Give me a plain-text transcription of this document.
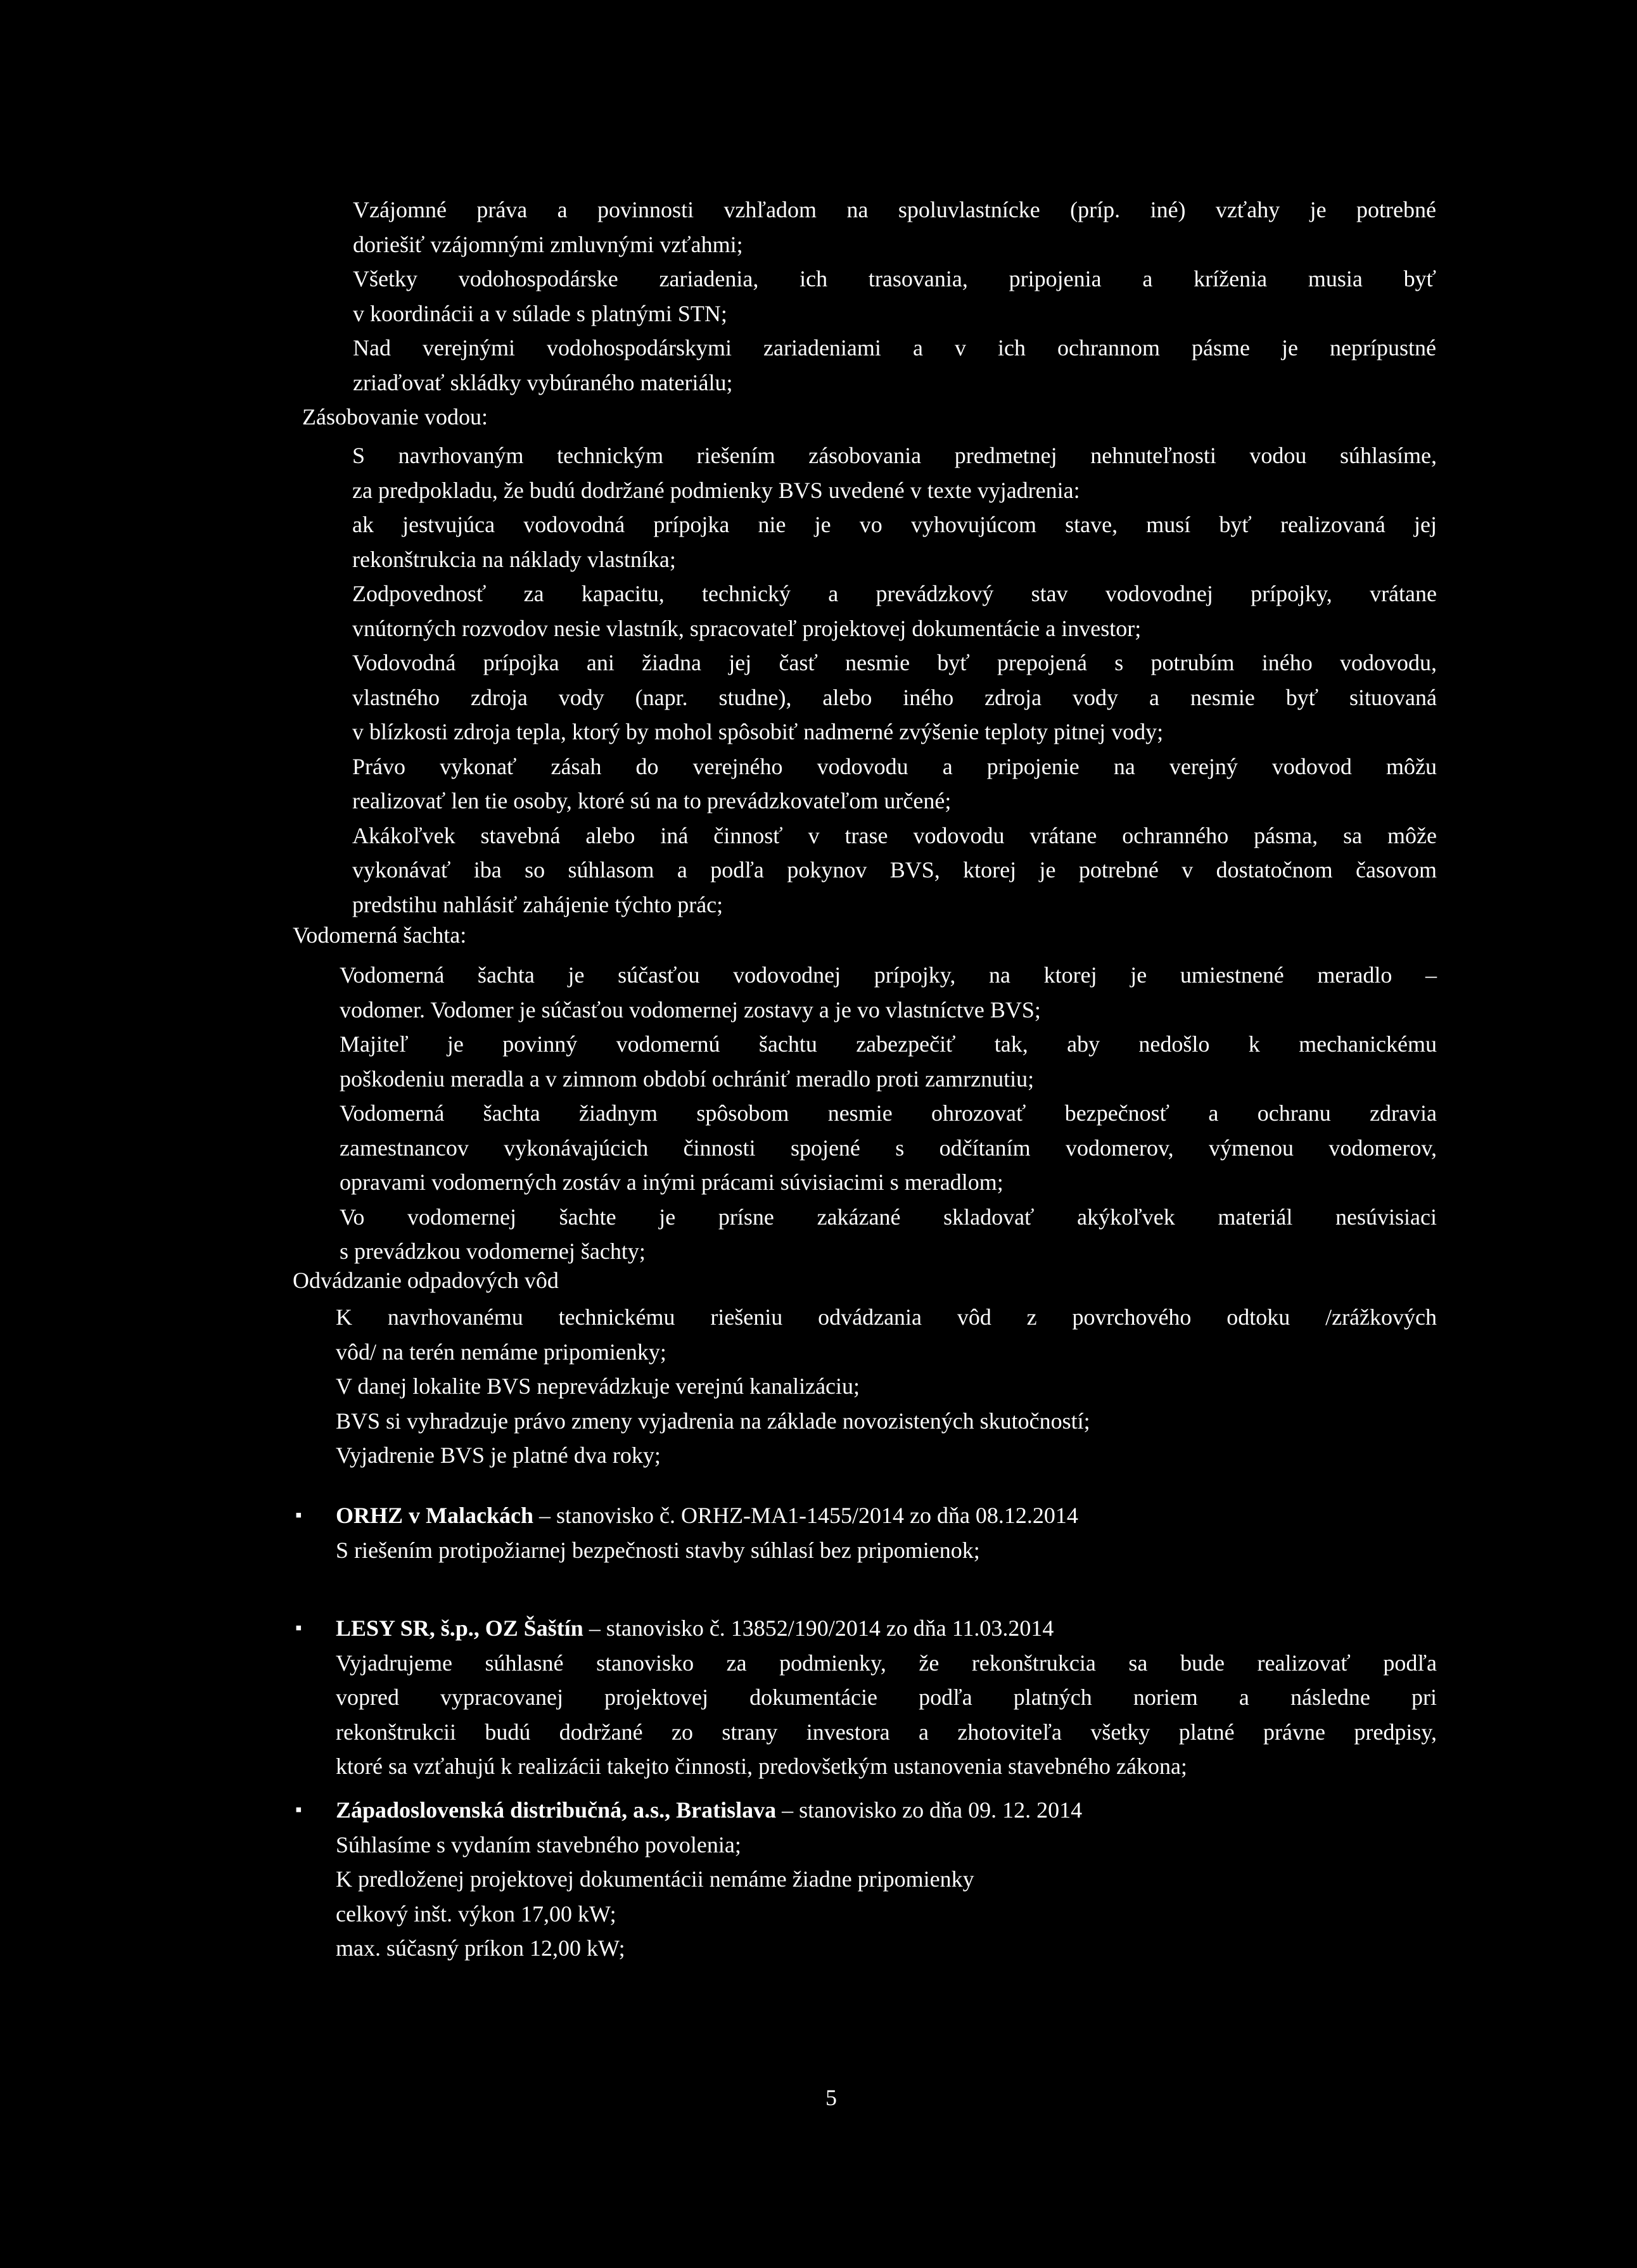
Vzájomné práva a povinnosti vzhľadom na spoluvlastnícke (príp. iné) vzťahy je potrebné
doriešiť vzájomnými zmluvnými vzťahmi;
Všetky vodohospodárske zariadenia, ich trasovania, pripojenia a kríženia musia byť
v koordinácii a v súlade s platnými STN;
Nad verejnými vodohospodárskymi zariadeniami a v ich ochrannom pásme je neprípustné
zriaďovať skládky vybúraného materiálu;
Zásobovanie vodou:
S navrhovaným technickým riešením zásobovania predmetnej nehnuteľnosti vodou súhlasíme,
za predpokladu, že budú dodržané podmienky BVS uvedené v texte vyjadrenia:
ak jestvujúca vodovodná prípojka nie je vo vyhovujúcom stave, musí byť realizovaná jej
rekonštrukcia na náklady vlastníka;
Zodpovednosť za kapacitu, technický a prevádzkový stav vodovodnej prípojky, vrátane
vnútorných rozvodov nesie vlastník, spracovateľ projektovej dokumentácie a investor;
Vodovodná prípojka ani žiadna jej časť nesmie byť prepojená s potrubím iného vodovodu,
vlastného zdroja vody (napr. studne), alebo iného zdroja vody a nesmie byť situovaná
v blízkosti zdroja tepla, ktorý by mohol spôsobiť nadmerné zvýšenie teploty pitnej vody;
Právo vykonať zásah do verejného vodovodu a pripojenie na verejný vodovod môžu
realizovať len tie osoby, ktoré sú na to prevádzkovateľom určené;
Akákoľvek stavebná alebo iná činnosť v trase vodovodu vrátane ochranného pásma, sa môže
vykonávať iba so súhlasom a podľa pokynov BVS, ktorej je potrebné v dostatočnom časovom
predstihu nahlásiť zahájenie týchto prác;
Vodomerná šachta:
Vodomerná šachta je súčasťou vodovodnej prípojky, na ktorej je umiestnené meradlo –
vodomer. Vodomer je súčasťou vodomernej zostavy a je vo vlastníctve BVS;
Majiteľ je povinný vodomernú šachtu zabezpečiť tak, aby nedošlo k mechanickému
poškodeniu meradla a v zimnom období ochrániť meradlo proti zamrznutiu;
Vodomerná šachta žiadnym spôsobom nesmie ohrozovať bezpečnosť a ochranu zdravia
zamestnancov vykonávajúcich činnosti spojené s odčítaním vodomerov, výmenou vodomerov,
opravami vodomerných zostáv a inými prácami súvisiacimi s meradlom;
Vo vodomernej šachte je prísne zakázané skladovať akýkoľvek materiál nesúvisiaci
s prevádzkou vodomernej šachty;
Odvádzanie odpadových vôd
K navrhovanému technickému riešeniu odvádzania vôd z povrchového odtoku /zrážkových
vôd/ na terén nemáme pripomienky;
V danej lokalite BVS neprevádzkuje verejnú kanalizáciu;
BVS si vyhradzuje právo zmeny vyjadrenia na základe novozistených skutočností;
Vyjadrenie BVS je platné dva roky;
▪ ORHZ v Malackách – stanovisko č. ORHZ-MA1-1455/2014 zo dňa 08.12.2014
S riešením protipožiarnej bezpečnosti stavby súhlasí bez pripomienok;
▪ LESY SR, š.p., OZ Šaštín – stanovisko č. 13852/190/2014 zo dňa 11.03.2014
Vyjadrujeme súhlasné stanovisko za podmienky, že rekonštrukcia sa bude realizovať podľa
vopred vypracovanej projektovej dokumentácie podľa platných noriem a následne pri
rekonštrukcii budú dodržané zo strany investora a zhotoviteľa všetky platné právne predpisy,
ktoré sa vzťahujú k realizácii takejto činnosti, predovšetkým ustanovenia stavebného zákona;
▪ Západoslovenská distribučná, a.s., Bratislava – stanovisko zo dňa 09. 12. 2014
Súhlasíme s vydaním stavebného povolenia;
K predloženej projektovej dokumentácii nemáme žiadne pripomienky
celkový inšt. výkon 17,00 kW;
max. súčasný príkon 12,00 kW;
5
